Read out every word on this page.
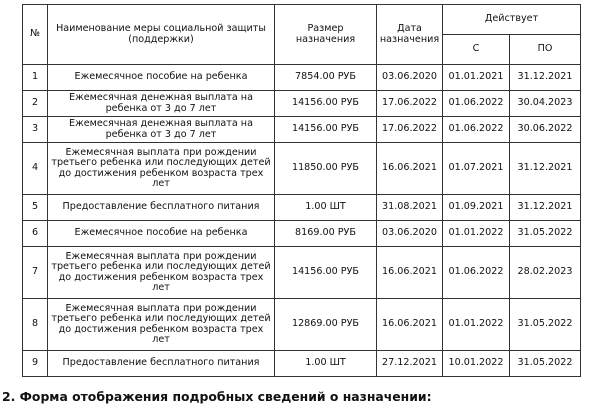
№	Наименование меры социальной защиты (поддержки)	Размер назначения	Дата назначения	Действует	
				С	ПО
1	Ежемесячное пособие на ребенка	7854.00 РУБ	03.06.2020	01.01.2021	31.12.2021
2	Ежемесячная денежная выплата на ребенка от 3 до 7 лет	14156.00 РУБ	17.06.2022	01.06.2022	30.04.2023
3	Ежемесячная денежная выплата на ребенка от 3 до 7 лет	14156.00 РУБ	17.06.2022	01.06.2022	30.06.2022
4	Ежемесячная выплата при рождении третьего ребенка или последующих детей до достижения ребенком возраста трех лет	11850.00 РУБ	16.06.2021	01.07.2021	31.12.2021
5	Предоставление бесплатного питания	1.00 ШТ	31.08.2021	01.09.2021	31.12.2021
6	Ежемесячное пособие на ребенка	8169.00 РУБ	03.06.2020	01.01.2022	31.05.2022
7	Ежемесячная выплата при рождении третьего ребенка или последующих детей до достижения ребенком возраста трех лет	14156.00 РУБ	16.06.2021	01.06.2022	28.02.2023
8	Ежемесячная выплата при рождении третьего ребенка или последующих детей до достижения ребенком возраста трех лет	12869.00 РУБ	16.06.2021	01.01.2022	31.05.2022
9	Предоставление бесплатного питания	1.00 ШТ	27.12.2021	10.01.2022	31.05.2022
2. Форма отображения подробных сведений о назначении:
